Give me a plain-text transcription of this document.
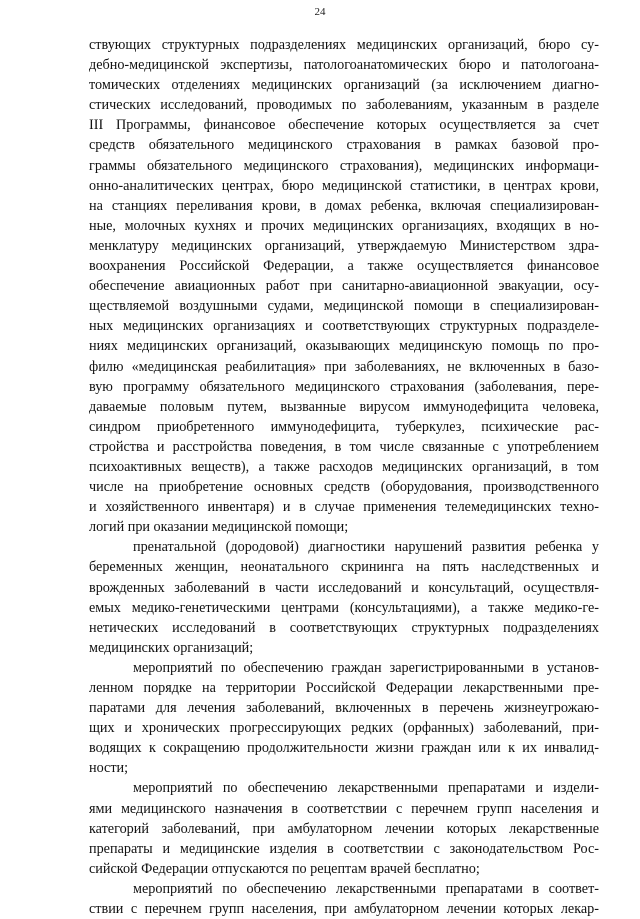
24
ствующих структурных подразделениях медицинских организаций, бюро су-
дебно-медицинской экспертизы, патологоанатомических бюро и патологоана-
томических отделениях медицинских организаций (за исключением диагно-
стических исследований, проводимых по заболеваниям, указанным в разделе
III Программы, финансовое обеспечение которых осуществляется за счет
средств обязательного медицинского страхования в рамках базовой про-
граммы обязательного медицинского страхования), медицинских информаци-
онно-аналитических центрах, бюро медицинской статистики, в центрах крови,
на станциях переливания крови, в домах ребенка, включая специализирован-
ные, молочных кухнях и прочих медицинских организациях, входящих в но-
менклатуру медицинских организаций, утверждаемую Министерством здра-
воохранения Российской Федерации, а также осуществляется финансовое
обеспечение авиационных работ при санитарно-авиационной эвакуации, осу-
ществляемой воздушными судами, медицинской помощи в специализирован-
ных медицинских организациях и соответствующих структурных подразделе-
ниях медицинских организаций, оказывающих медицинскую помощь по про-
филю «медицинская реабилитация» при заболеваниях, не включенных в базо-
вую программу обязательного медицинского страхования (заболевания, пере-
даваемые половым путем, вызванные вирусом иммунодефицита человека,
синдром приобретенного иммунодефицита, туберкулез, психические рас-
стройства и расстройства поведения, в том числе связанные с употреблением
психоактивных веществ), а также расходов медицинских организаций, в том
числе на приобретение основных средств (оборудования, производственного
и хозяйственного инвентаря) и в случае применения телемедицинских техно-
логий при оказании медицинской помощи;
пренатальной (дородовой) диагностики нарушений развития ребенка у
беременных женщин, неонатального скрининга на пять наследственных и
врожденных заболеваний в части исследований и консультаций, осуществля-
емых медико-генетическими центрами (консультациями), а также медико-ге-
нетических исследований в соответствующих структурных подразделениях
медицинских организаций;
мероприятий по обеспечению граждан зарегистрированными в установ-
ленном порядке на территории Российской Федерации лекарственными пре-
паратами для лечения заболеваний, включенных в перечень жизнеугрожаю-
щих и хронических прогрессирующих редких (орфанных) заболеваний, при-
водящих к сокращению продолжительности жизни граждан или к их инвалид-
ности;
мероприятий по обеспечению лекарственными препаратами и издели-
ями медицинского назначения в соответствии с перечнем групп населения и
категорий заболеваний, при амбулаторном лечении которых лекарственные
препараты и медицинские изделия в соответствии с законодательством Рос-
сийской Федерации отпускаются по рецептам врачей бесплатно;
мероприятий по обеспечению лекарственными препаратами в соответ-
ствии с перечнем групп населения, при амбулаторном лечении которых лекар-
